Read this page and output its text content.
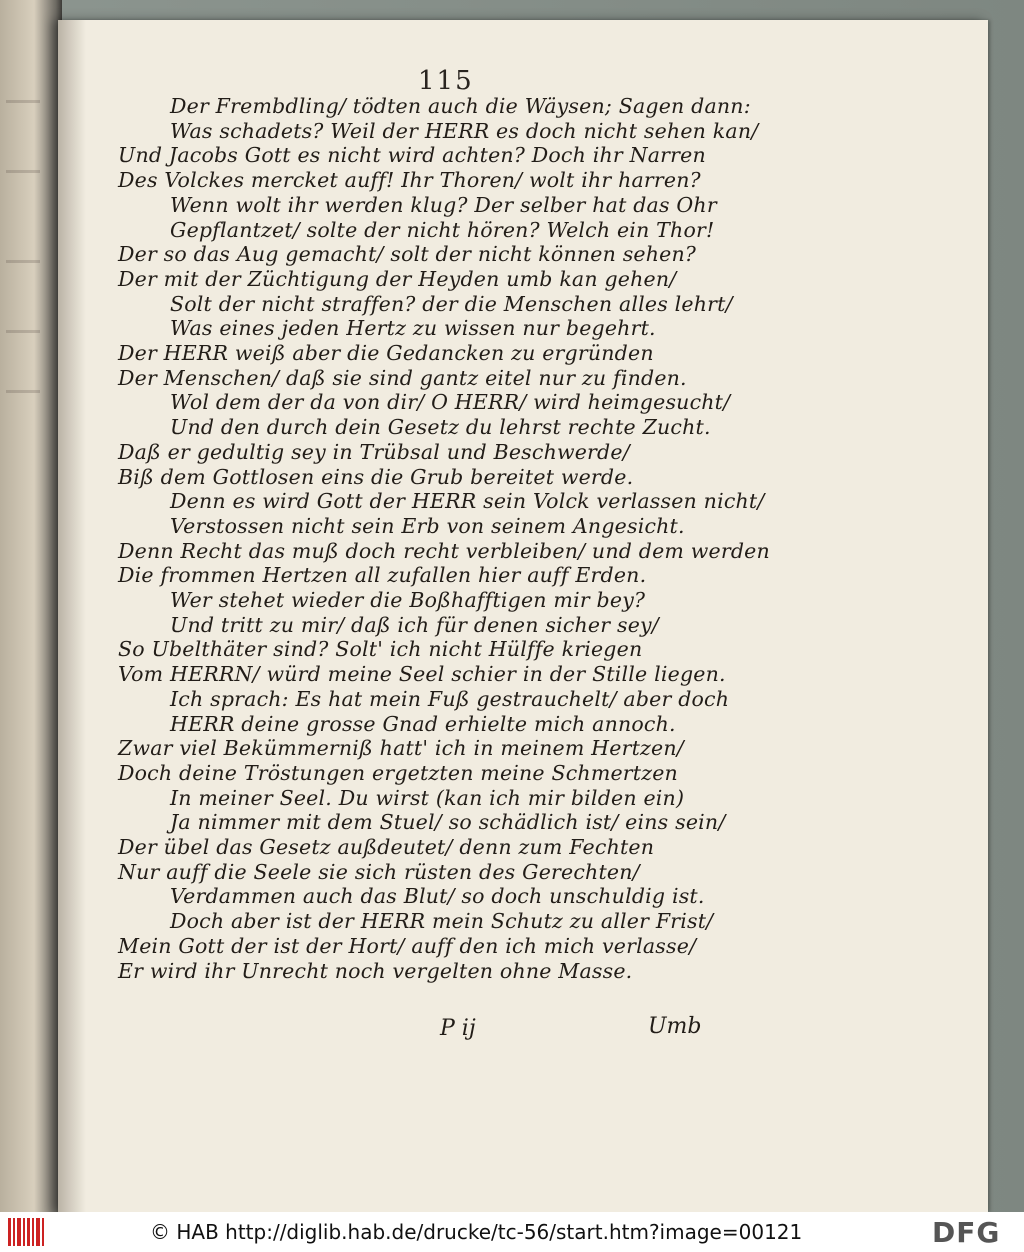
115
Der Frembdling/ tödten auch die Wäysen; Sagen dann:
Was schadets? Weil der HERR es doch nicht sehen kan/
Und Jacobs Gott es nicht wird achten? Doch ihr Narren
Des Volckes mercket auff! Ihr Thoren/ wolt ihr harren?
Wenn wolt ihr werden klug? Der selber hat das Ohr
Gepflantzet/ solte der nicht hören? Welch ein Thor!
Der so das Aug gemacht/ solt der nicht können sehen?
Der mit der Züchtigung der Heyden umb kan gehen/
Solt der nicht straffen? der die Menschen alles lehrt/
Was eines jeden Hertz zu wissen nur begehrt.
Der HERR weiß aber die Gedancken zu ergründen
Der Menschen/ daß sie sind gantz eitel nur zu finden.
Wol dem der da von dir/ O HERR/ wird heimgesucht/
Und den durch dein Gesetz du lehrst rechte Zucht.
Daß er gedultig sey in Trübsal und Beschwerde/
Biß dem Gottlosen eins die Grub bereitet werde.
Denn es wird Gott der HERR sein Volck verlassen nicht/
Verstossen nicht sein Erb von seinem Angesicht.
Denn Recht das muß doch recht verbleiben/ und dem werden
Die frommen Hertzen all zufallen hier auff Erden.
Wer stehet wieder die Boßhafftigen mir bey?
Und tritt zu mir/ daß ich für denen sicher sey/
So Ubelthäter sind? Solt' ich nicht Hülffe kriegen
Vom HERRN/ würd meine Seel schier in der Stille liegen.
Ich sprach: Es hat mein Fuß gestrauchelt/ aber doch
HERR deine grosse Gnad erhielte mich annoch.
Zwar viel Bekümmerniß hatt' ich in meinem Hertzen/
Doch deine Tröstungen ergetzten meine Schmertzen
In meiner Seel. Du wirst (kan ich mir bilden ein)
Ja nimmer mit dem Stuel/ so schädlich ist/ eins sein/
Der übel das Gesetz außdeutet/ denn zum Fechten
Nur auff die Seele sie sich rüsten des Gerechten/
Verdammen auch das Blut/ so doch unschuldig ist.
Doch aber ist der HERR mein Schutz zu aller Frist/
Mein Gott der ist der Hort/ auff den ich mich verlasse/
Er wird ihr Unrecht noch vergelten ohne Masse.
P ij	Umb
© HAB http://diglib.hab.de/drucke/tc-56/start.htm?image=00121	DFG
